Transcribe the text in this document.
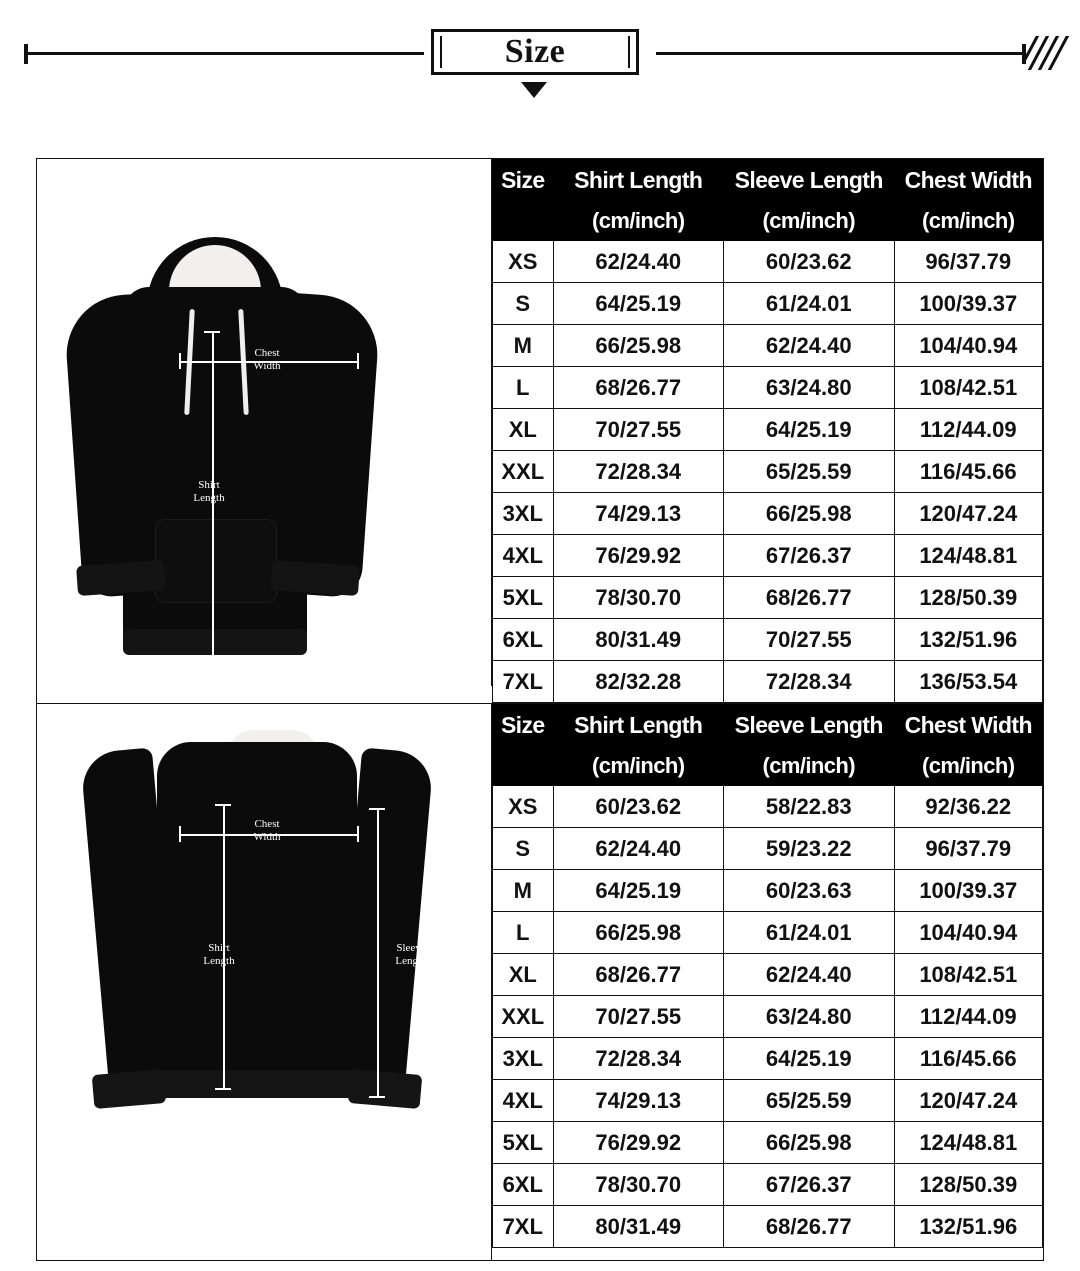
Size
Chest
Width
Shirt
Length
Size	Shirt Length	Sleeve Length	Chest Width
	(cm/inch)	(cm/inch)	(cm/inch)
XS	62/24.40	60/23.62	96/37.79
S	64/25.19	61/24.01	100/39.37
M	66/25.98	62/24.40	104/40.94
L	68/26.77	63/24.80	108/42.51
XL	70/27.55	64/25.19	112/44.09
XXL	72/28.34	65/25.59	116/45.66
3XL	74/29.13	66/25.98	120/47.24
4XL	76/29.92	67/26.37	124/48.81
5XL	78/30.70	68/26.77	128/50.39
6XL	80/31.49	70/27.55	132/51.96
7XL	82/32.28	72/28.34	136/53.54
Chest
Width
Shirt
Length
Sleeve
Length
Size	Shirt Length	Sleeve Length	Chest Width
	(cm/inch)	(cm/inch)	(cm/inch)
XS	60/23.62	58/22.83	92/36.22
S	62/24.40	59/23.22	96/37.79
M	64/25.19	60/23.63	100/39.37
L	66/25.98	61/24.01	104/40.94
XL	68/26.77	62/24.40	108/42.51
XXL	70/27.55	63/24.80	112/44.09
3XL	72/28.34	64/25.19	116/45.66
4XL	74/29.13	65/25.59	120/47.24
5XL	76/29.92	66/25.98	124/48.81
6XL	78/30.70	67/26.37	128/50.39
7XL	80/31.49	68/26.77	132/51.96
